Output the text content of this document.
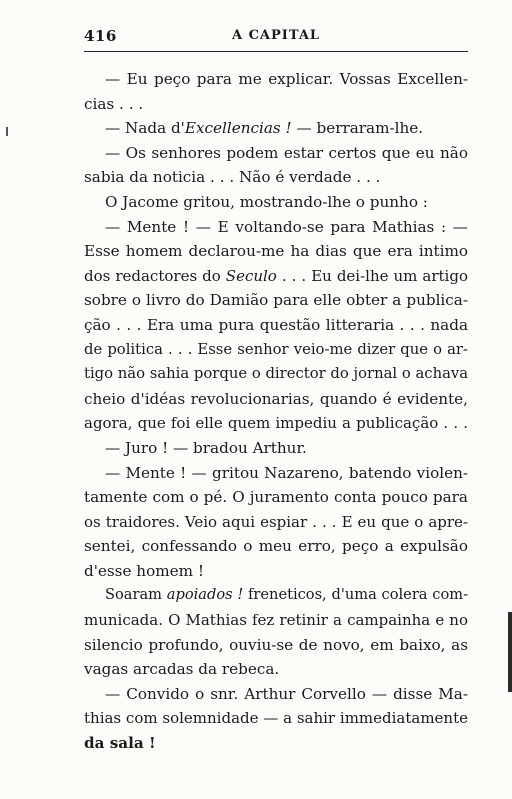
416	A CAPITAL
— Eu peço para me explicar. Vossas Excellen-
cias . . .
— Nada d'Excellencias ! — berraram-lhe.
— Os senhores podem estar certos que eu não
sabia da noticia . . . Não é verdade . . .
O Jacome gritou, mostrando-lhe o punho :
— Mente ! — E voltando-se para Mathias : —
Esse homem declarou-me ha dias que era intimo
dos redactores do Seculo . . . Eu dei-lhe um artigo
sobre o livro do Damião para elle obter a publica-
ção . . . Era uma pura questão litteraria . . . nada
de politica . . . Esse senhor veio-me dizer que o ar-
tigo não sahia porque o director do jornal o achava
cheio d'idéas revolucionarias, quando é evidente,
agora, que foi elle quem impediu a publicação . . .
— Juro ! — bradou Arthur.
— Mente ! — gritou Nazareno, batendo violen-
tamente com o pé. O juramento conta pouco para
os traidores. Veio aqui espiar . . . E eu que o apre-
sentei, confessando o meu erro, peço a expulsão
d'esse homem !
Soaram apoiados ! freneticos, d'uma colera com-
municada. O Mathias fez retinir a campainha e no
silencio profundo, ouviu-se de novo, em baixo, as
vagas arcadas da rebeca.
— Convido o snr. Arthur Corvello — disse Ma-
thias com solemnidade — a sahir immediatamente
da sala !
